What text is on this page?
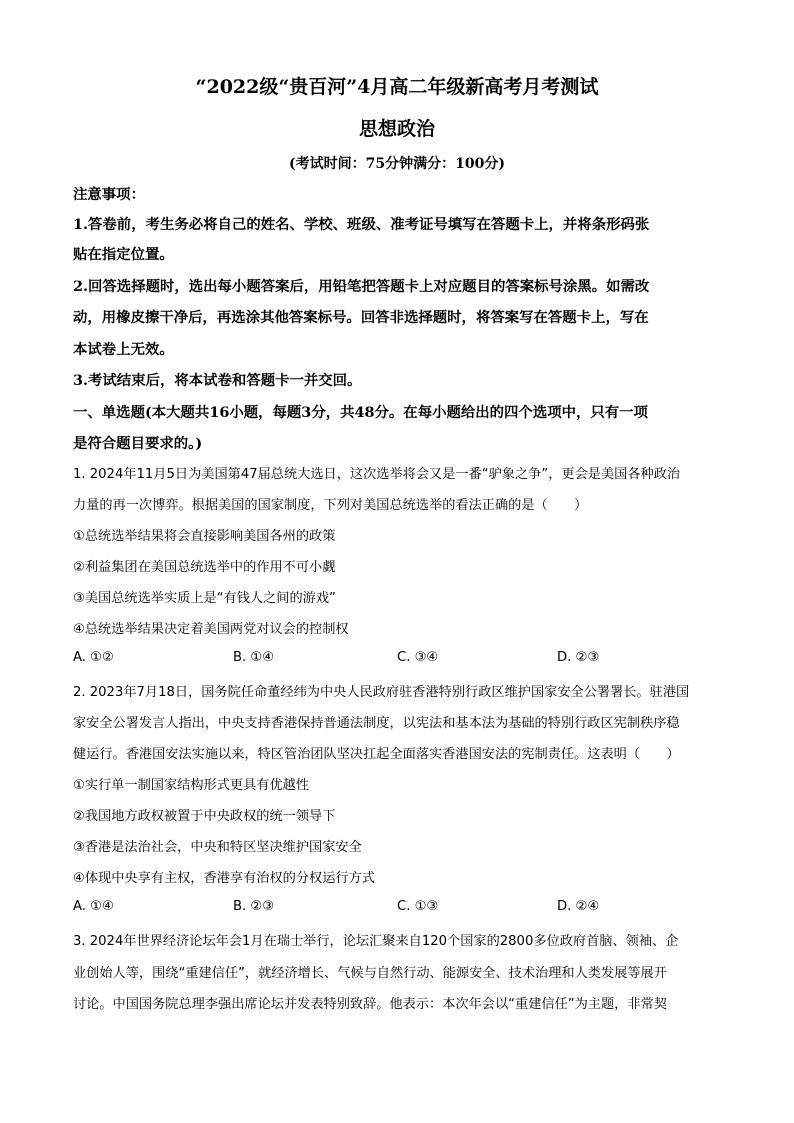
“2022级“贵百河”4月高二年级新高考月考测试
思想政治
(考试时间：75分钟满分：100分)
注意事项：
1.答卷前，考生务必将自己的姓名、学校、班级、准考证号填写在答题卡上，并将条形码张
贴在指定位置。
2.回答选择题时，选出每小题答案后，用铅笔把答题卡上对应题目的答案标号涂黑。如需改
动，用橡皮擦干净后，再选涂其他答案标号。回答非选择题时，将答案写在答题卡上，写在
本试卷上无效。
3.考试结束后，将本试卷和答题卡一并交回。
一、单选题(本大题共16小题，每题3分，共48分。在每小题给出的四个选项中，只有一项
是符合题目要求的。)
1. 2024年11月5日为美国第47届总统大选日，这次选举将会又是一番“驴象之争”，更会是美国各种政治
力量的再一次博弈。根据美国的国家制度，下列对美国总统选举的看法正确的是（　　）
①总统选举结果将会直接影响美国各州的政策
②利益集团在美国总统选举中的作用不可小觑
③美国总统选举实质上是“有钱人之间的游戏”
④总统选举结果决定着美国两党对议会的控制权
A. ①②	B. ①④	C. ③④	D. ②③
2. 2023年7月18日，国务院任命董经纬为中央人民政府驻香港特别行政区维护国家安全公署署长。驻港国
家安全公署发言人指出，中央支持香港保持普通法制度，以宪法和基本法为基础的特别行政区宪制秩序稳
健运行。香港国安法实施以来，特区管治团队坚决扛起全面落实香港国安法的宪制责任。这表明（　　）
①实行单一制国家结构形式更具有优越性
②我国地方政权被置于中央政权的统一领导下
③香港是法治社会，中央和特区坚决维护国家安全
④体现中央享有主权，香港享有治权的分权运行方式
A. ①④	B. ②③	C. ①③	D. ②④
3. 2024年世界经济论坛年会1月在瑞士举行，论坛汇聚来自120个国家的2800多位政府首脑、领袖、企
业创始人等，围绕“重建信任”，就经济增长、气候与自然行动、能源安全、技术治理和人类发展等展开
讨论。中国国务院总理李强出席论坛并发表特别致辞。他表示：本次年会以“重建信任”为主题，非常契
